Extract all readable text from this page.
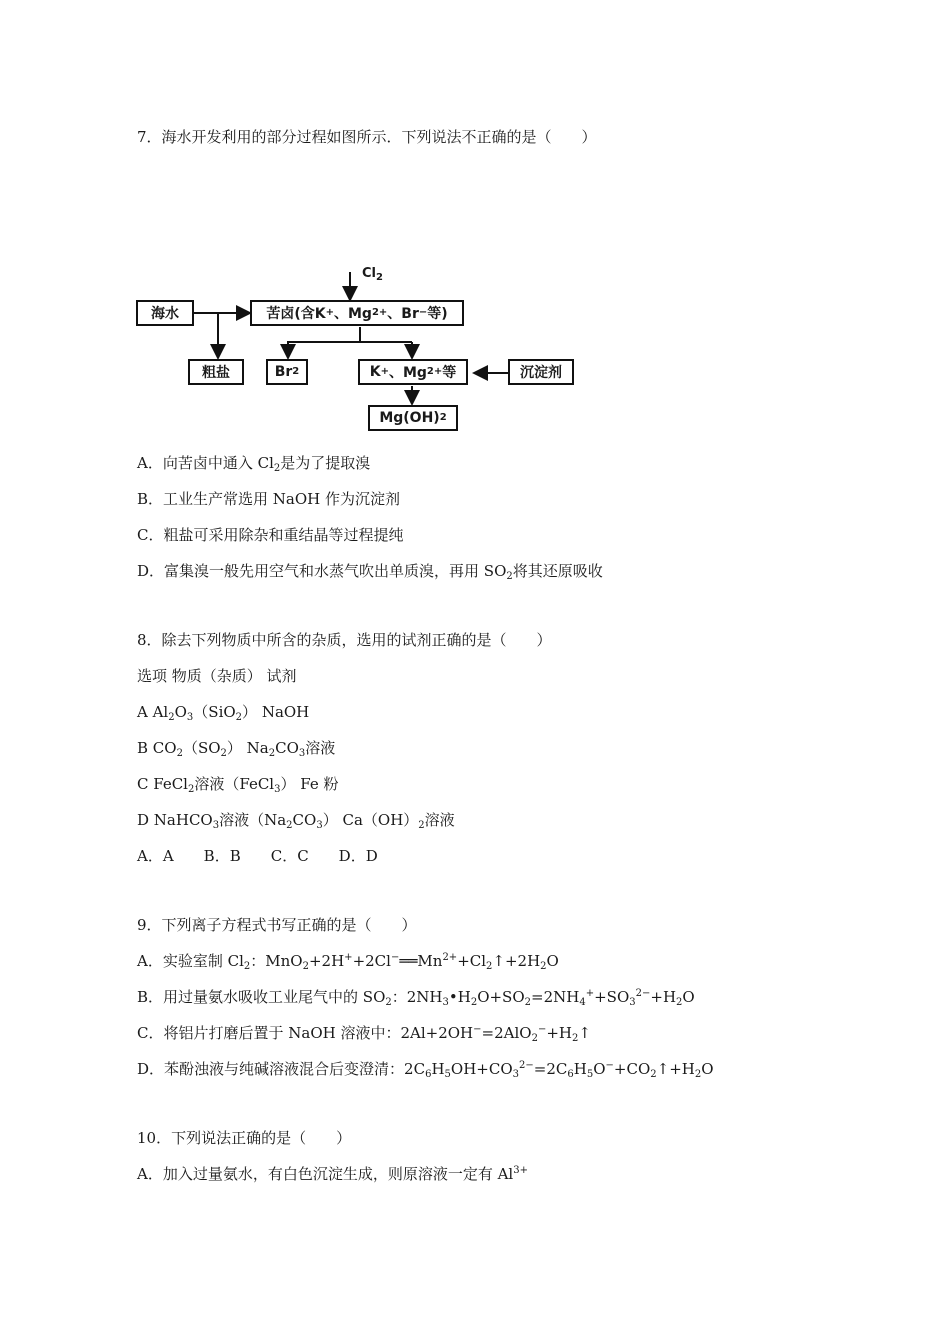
7．海水开发利用的部分过程如图所示．下列说法不正确的是（　　）
$Cl_2$
海水	苦卤(含K + 、Mg 2+ 、Br − 等)
粗盐	Br 2	K + 、Mg 2+ 等	沉淀剂
Mg(OH) 2
A．向苦卤中通入 $Cl_2$是为了提取溴
B．工业生产常选用 NaOH 作为沉淀剂
C．粗盐可采用除杂和重结晶等过程提纯
D．富集溴一般先用空气和水蒸气吹出单质溴，再用 $SO_2$将其还原吸收
8．除去下列物质中所含的杂质，选用的试剂正确的是（　　）
选项 物质（杂质） 试剂
A $Al_2O_3(SiO_2)$ NaOH
B $CO_2(SO_2)$ $Na_2CO_3$溶液
C FeCl$_2$溶液（FeCl$_3$） Fe 粉
D NaHCO$_3$溶液$(Na_2CO_3)$ $Ca(OH)_2$溶液
A．A　　B．B　　C．C　　D．D
9．下列离子方程式书写正确的是（　　）
A．实验室制 $Cl_2$：$MnO_2+2H^++2Cl^-══Mn^{2+}+Cl_2↑+2H_2O$
B．用过量氨水吸收工业尾气中的 $SO_2$：$2NH_3•H_2O+SO_2=2NH_4^++SO_3^{2-}+H_2O$
C．将铝片打磨后置于 NaOH 溶液中：$2Al+2OH^-=2AlO_2^-+H_2↑$
D．苯酚浊液与纯碱溶液混合后变澄清：$2C_6H_5OH+CO_3^{2-}=2C_6H_5O^-+CO_2↑+H_2O$
10．下列说法正确的是（　　）
A．加入过量氨水，有白色沉淀生成，则原溶液一定有 $Al^{3+}$
